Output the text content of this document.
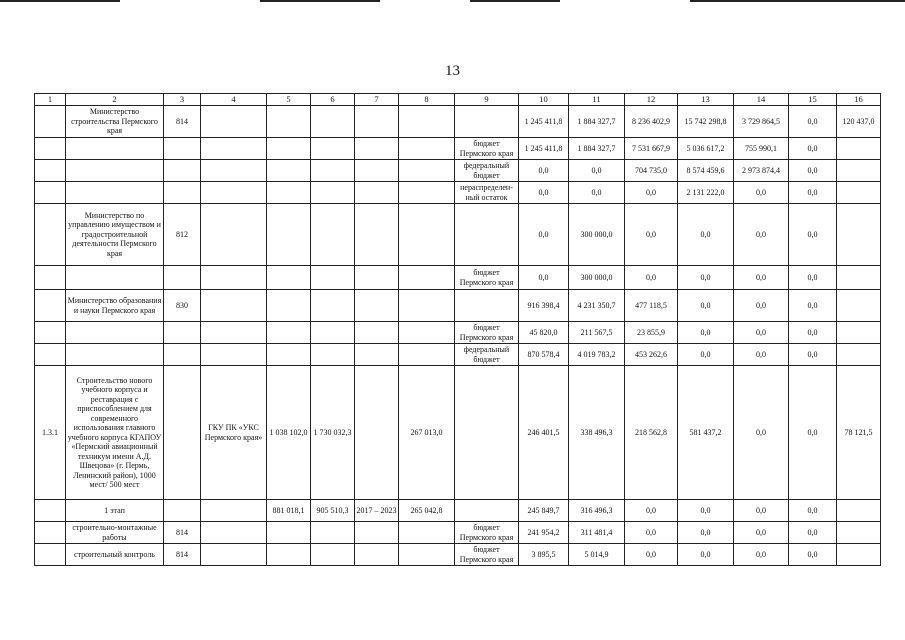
13
1	2	3	4	5	6	7	8	9	10	11	12	13	14	15	16
	Министерство строительства Пермского края	814							1 245 411,8	1 884 327,7	8 236 402,9	15 742 298,8	3 729 864,5	0,0	120 437,0
								бюджет Пермского края	1 245 411,8	1 884 327,7	7 531 667,9	5 036 617,2	755 990,1	0,0	
								федеральный бюджет	0,0	0,0	704 735,0	8 574 459,6	2 973 874,4	0,0	
								нераспределен-ный остаток	0,0	0,0	0,0	2 131 222,0	0,0	0,0	
	Министерство по управлению имуществом и градостроительной деятельности Пермского края	812							0,0	300 000,0	0,0	0,0	0,0	0,0	
								бюджет Пермского края	0,0	300 000,0	0,0	0,0	0,0	0,0	
	Министерство образования и науки Пермского края	830							916 398,4	4 231 350,7	477 118,5	0,0	0,0	0,0	
								бюджет Пермского края	45 820,0	211 567,5	23 855,9	0,0	0,0	0,0	
								федеральный бюджет	870 578,4	4 019 783,2	453 262,6	0,0	0,0	0,0	
1.3.1	Строительство нового учебного корпуса и реставрация с приспособлением для современного использования главного учебного корпуса КГАПОУ «Пермский авиационный техникум имени А.Д. Швецова» (г. Пермь, Ленинский район), 1000 мест/ 500 мест		ГКУ ПК «УКС Пермского края»	1 038 102,0	1 730 032,3		267 013,0		246 401,5	338 496,3	218 562,8	581 437,2	0,0	0,0	78 121,5
	1 этап			881 018,1	905 510,3	2017 – 2023	265 042,8		245 849,7	316 496,3	0,0	0,0	0,0	0,0	
	строительно-монтажные работы	814						бюджет Пермского края	241 954,2	311 481,4	0,0	0,0	0,0	0,0	
	строительный контроль	814						бюджет Пермского края	3 895,5	5 014,9	0,0	0,0	0,0	0,0	
